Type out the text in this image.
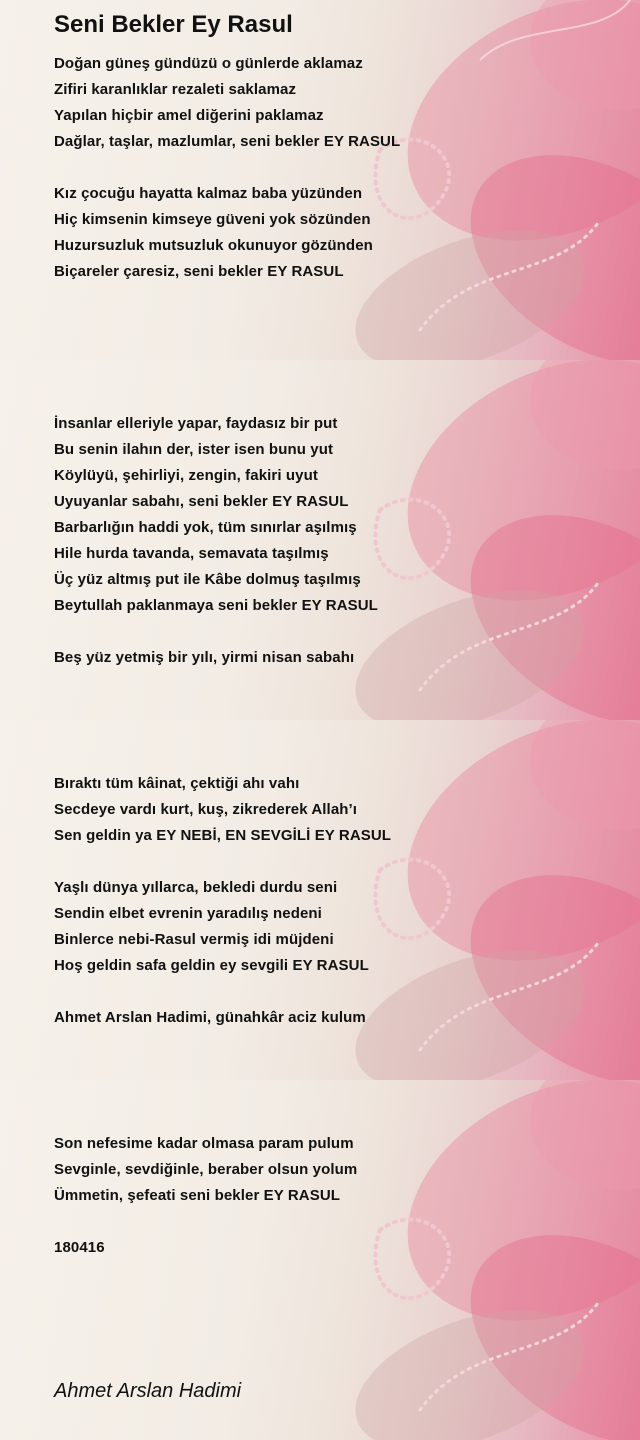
Seni Bekler Ey Rasul
Doğan güneş gündüzü o günlerde aklamaz
Zifiri karanlıklar rezaleti saklamaz
Yapılan hiçbir amel diğerini paklamaz
Dağlar, taşlar, mazlumlar, seni bekler EY RASUL
Kız çocuğu hayatta kalmaz baba yüzünden
Hiç kimsenin kimseye güveni yok sözünden
Huzursuzluk mutsuzluk okunuyor gözünden
Biçareler çaresiz, seni bekler EY RASUL
İnsanlar elleriyle yapar, faydasız bir put
Bu senin ilahın der, ister isen bunu yut
Köylüyü, şehirliyi, zengin, fakiri uyut
Uyuyanlar sabahı, seni bekler EY RASUL
Barbarlığın haddi yok, tüm sınırlar aşılmış
Hile hurda tavanda, semavata taşılmış
Üç yüz altmış put ile Kâbe dolmuş taşılmış
Beytullah paklanmaya seni bekler EY RASUL
Beş yüz yetmiş bir yılı, yirmi nisan sabahı
Bıraktı tüm kâinat, çektiği ahı vahı
Secdeye vardı kurt, kuş, zikrederek Allah’ı
Sen geldin ya EY NEBİ, EN SEVGİLİ EY RASUL
Yaşlı dünya yıllarca, bekledi durdu seni
Sendin elbet evrenin yaradılış nedeni
Binlerce nebi-Rasul vermiş idi müjdeni
Hoş geldin safa geldin ey sevgili EY RASUL
Ahmet Arslan Hadimi, günahkâr aciz kulum
Son nefesime kadar olmasa param pulum
Sevginle, sevdiğinle, beraber olsun yolum
Ümmetin, şefeati seni bekler EY RASUL
180416
Ahmet Arslan Hadimi
